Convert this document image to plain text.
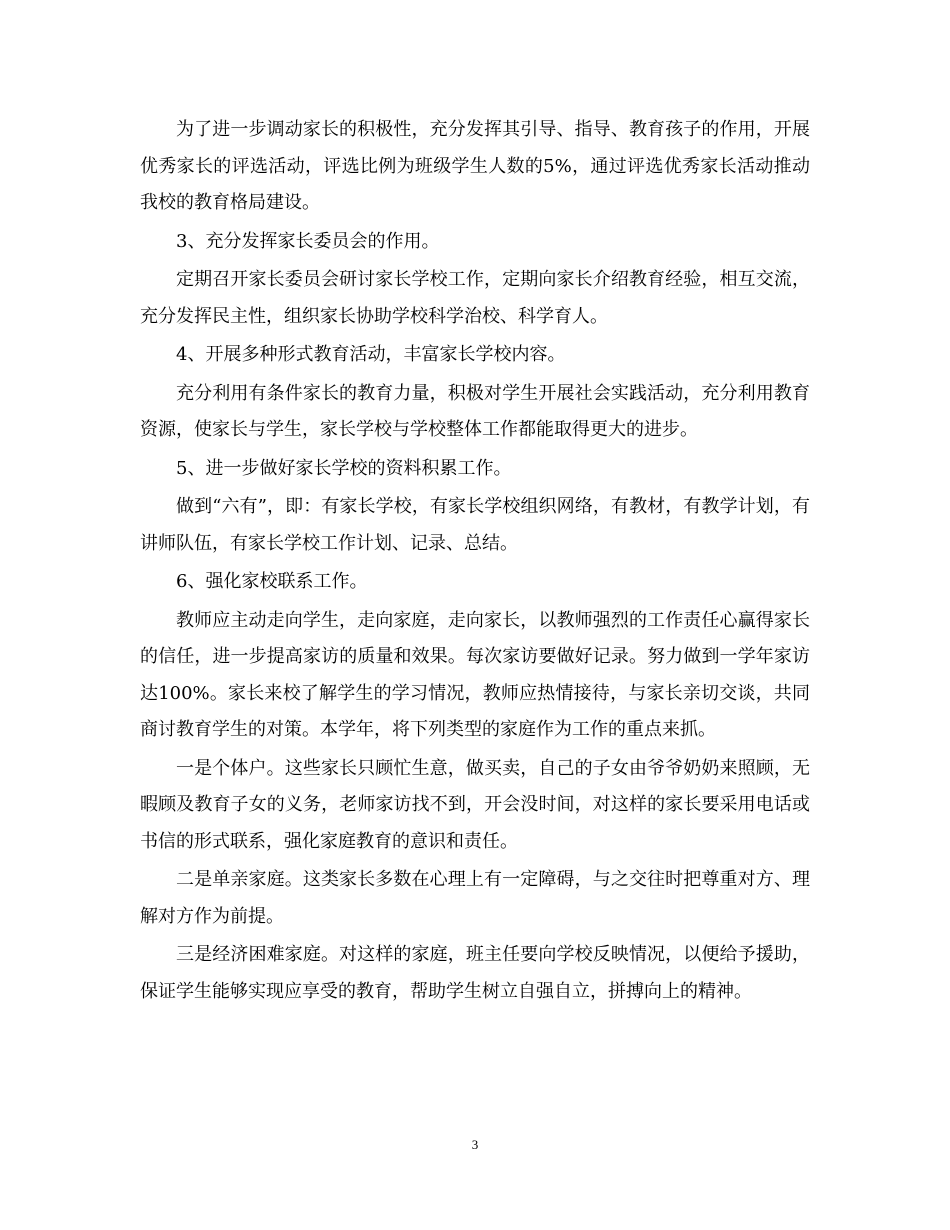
为了进一步调动家长的积极性，充分发挥其引导、指导、教育孩子的作用，开展优秀家长的评选活动，评选比例为班级学生人数的5%，通过评选优秀家长活动推动我校的教育格局建设。

3、充分发挥家长委员会的作用。

定期召开家长委员会研讨家长学校工作，定期向家长介绍教育经验，相互交流，充分发挥民主性，组织家长协助学校科学治校、科学育人。

4、开展多种形式教育活动，丰富家长学校内容。

充分利用有条件家长的教育力量，积极对学生开展社会实践活动，充分利用教育资源，使家长与学生，家长学校与学校整体工作都能取得更大的进步。

5、进一步做好家长学校的资料积累工作。

做到“六有”，即：有家长学校，有家长学校组织网络，有教材，有教学计划，有讲师队伍，有家长学校工作计划、记录、总结。

6、强化家校联系工作。

教师应主动走向学生，走向家庭，走向家长，以教师强烈的工作责任心赢得家长的信任，进一步提高家访的质量和效果。每次家访要做好记录。努力做到一学年家访达100%。家长来校了解学生的学习情况，教师应热情接待，与家长亲切交谈，共同商讨教育学生的对策。本学年，将下列类型的家庭作为工作的重点来抓。

一是个体户。这些家长只顾忙生意，做买卖，自己的子女由爷爷奶奶来照顾，无暇顾及教育子女的义务，老师家访找不到，开会没时间，对这样的家长要采用电话或书信的形式联系，强化家庭教育的意识和责任。

二是单亲家庭。这类家长多数在心理上有一定障碍，与之交往时把尊重对方、理解对方作为前提。

三是经济困难家庭。对这样的家庭，班主任要向学校反映情况，以便给予援助，保证学生能够实现应享受的教育，帮助学生树立自强自立，拼搏向上的精神。

3
